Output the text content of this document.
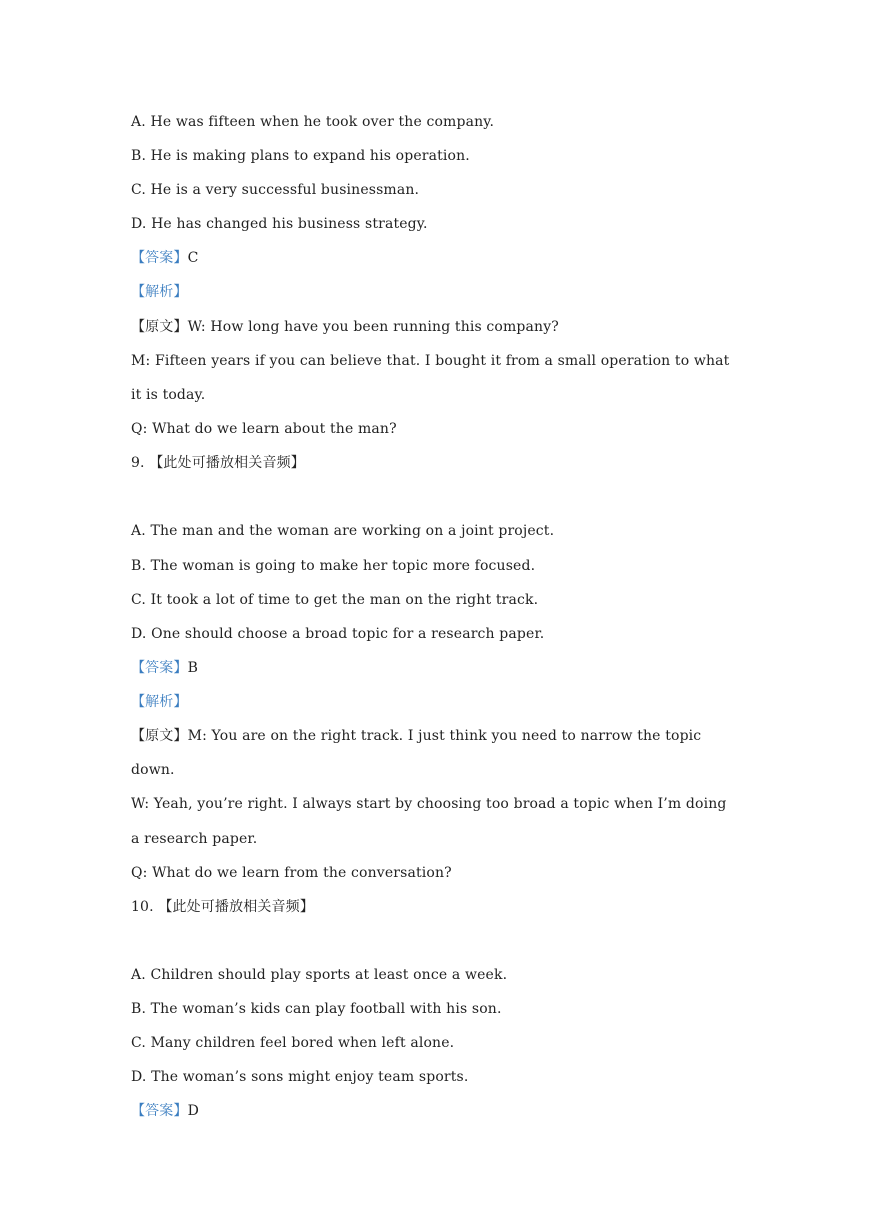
A. He was fifteen when he took over the company.
B. He is making plans to expand his operation.
C. He is a very successful businessman.
D. He has changed his business strategy.
【答案】C
【解析】
【原文】W: How long have you been running this company?
M: Fifteen years if you can believe that. I bought it from a small operation to what
it is today.
Q: What do we learn about the man?
9. 【此处可播放相关音频】
A. The man and the woman are working on a joint project.
B. The woman is going to make her topic more focused.
C. It took a lot of time to get the man on the right track.
D. One should choose a broad topic for a research paper.
【答案】B
【解析】
【原文】M: You are on the right track. I just think you need to narrow the topic
down.
W: Yeah, you’re right. I always start by choosing too broad a topic when I’m doing
a research paper.
Q: What do we learn from the conversation?
10. 【此处可播放相关音频】
A. Children should play sports at least once a week.
B. The woman’s kids can play football with his son.
C. Many children feel bored when left alone.
D. The woman’s sons might enjoy team sports.
【答案】D
